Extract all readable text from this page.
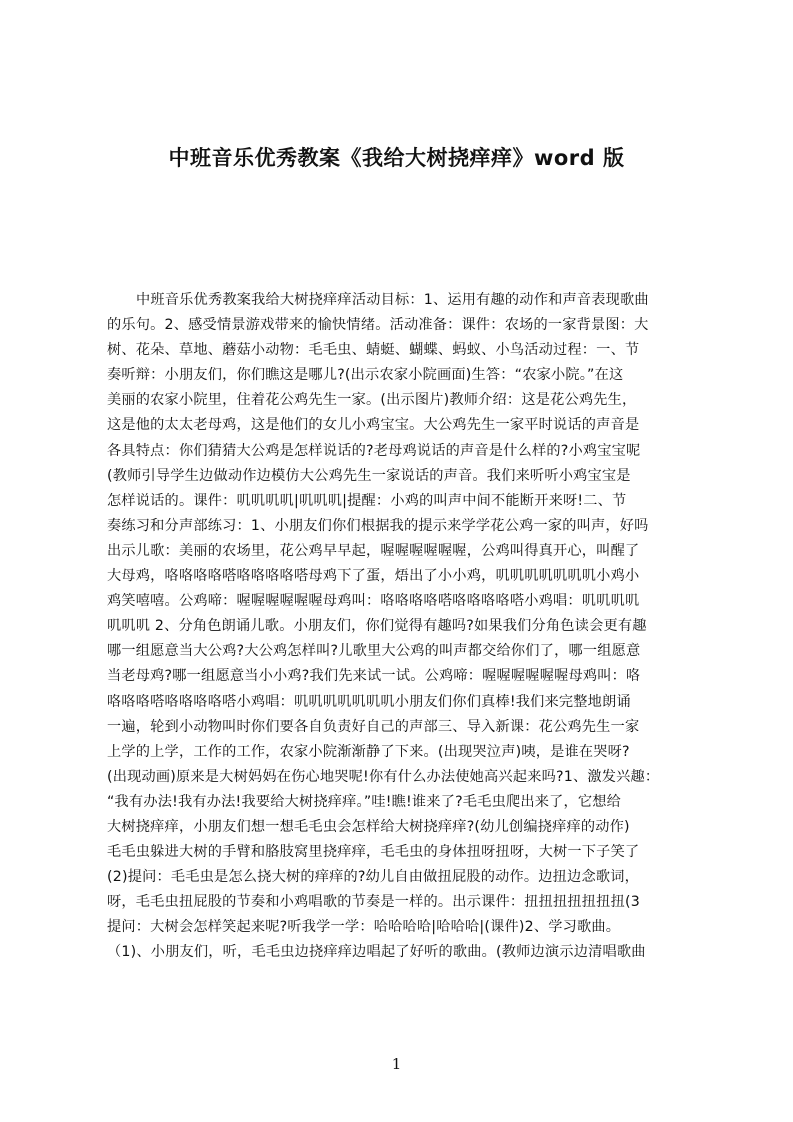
中班音乐优秀教案《我给大树挠痒痒》word 版
中班音乐优秀教案我给大树挠痒痒活动目标：1、运用有趣的动作和声音表现歌曲
的乐句。2、感受情景游戏带来的愉快情绪。活动准备：课件：农场的一家背景图：大
树、花朵、草地、蘑菇小动物：毛毛虫、蜻蜓、蝴蝶、蚂蚁、小鸟活动过程：一、节
奏听辩：小朋友们，你们瞧这是哪儿?(出示农家小院画面)生答：“农家小院。”在这
美丽的农家小院里，住着花公鸡先生一家。(出示图片)教师介绍：这是花公鸡先生，
这是他的太太老母鸡，这是他们的女儿小鸡宝宝。大公鸡先生一家平时说话的声音是
各具特点：你们猜猜大公鸡是怎样说话的?老母鸡说话的声音是什么样的?小鸡宝宝呢
(教师引导学生边做动作边模仿大公鸡先生一家说话的声音。我们来听听小鸡宝宝是
怎样说话的。课件：叽叽叽叽|叽叽叽|提醒：小鸡的叫声中间不能断开来呀!二、节
奏练习和分声部练习：1、小朋友们你们根据我的提示来学学花公鸡一家的叫声，好吗
出示儿歌：美丽的农场里，花公鸡早早起，喔喔喔喔喔喔，公鸡叫得真开心，叫醒了
大母鸡，咯咯咯咯嗒咯咯咯咯嗒母鸡下了蛋，焐出了小小鸡，叽叽叽叽叽叽叽小鸡小
鸡笑嘻嘻。公鸡啼：喔喔喔喔喔喔母鸡叫：咯咯咯咯嗒咯咯咯咯嗒小鸡唱：叽叽叽叽
叽叽叽 2、分角色朗诵儿歌。小朋友们，你们觉得有趣吗?如果我们分角色读会更有趣
哪一组愿意当大公鸡?大公鸡怎样叫?儿歌里大公鸡的叫声都交给你们了，哪一组愿意
当老母鸡?哪一组愿意当小小鸡?我们先来试一试。公鸡啼：喔喔喔喔喔喔母鸡叫：咯
咯咯咯嗒咯咯咯咯嗒小鸡唱：叽叽叽叽叽叽叽小朋友们你们真棒!我们来完整地朗诵
一遍，轮到小动物叫时你们要各自负责好自己的声部三、导入新课：花公鸡先生一家
上学的上学，工作的工作，农家小院渐渐静了下来。(出现哭泣声)咦，是谁在哭呀?
(出现动画)原来是大树妈妈在伤心地哭呢!你有什么办法使她高兴起来吗?1、激发兴趣：
“我有办法!我有办法!我要给大树挠痒痒。”哇!瞧!谁来了?毛毛虫爬出来了，它想给
大树挠痒痒，小朋友们想一想毛毛虫会怎样给大树挠痒痒?(幼儿创编挠痒痒的动作)
毛毛虫躲进大树的手臂和胳肢窝里挠痒痒，毛毛虫的身体扭呀扭呀，大树一下子笑了
(2)提问：毛毛虫是怎么挠大树的痒痒的?幼儿自由做扭屁股的动作。边扭边念歌词，
呀，毛毛虫扭屁股的节奏和小鸡唱歌的节奏是一样的。出示课件：扭扭扭扭扭扭扭(3
提问：大树会怎样笑起来呢?听我学一学：哈哈哈哈|哈哈哈|(课件)2、学习歌曲。
（1)、小朋友们，听，毛毛虫边挠痒痒边唱起了好听的歌曲。(教师边演示边清唱歌曲
1
